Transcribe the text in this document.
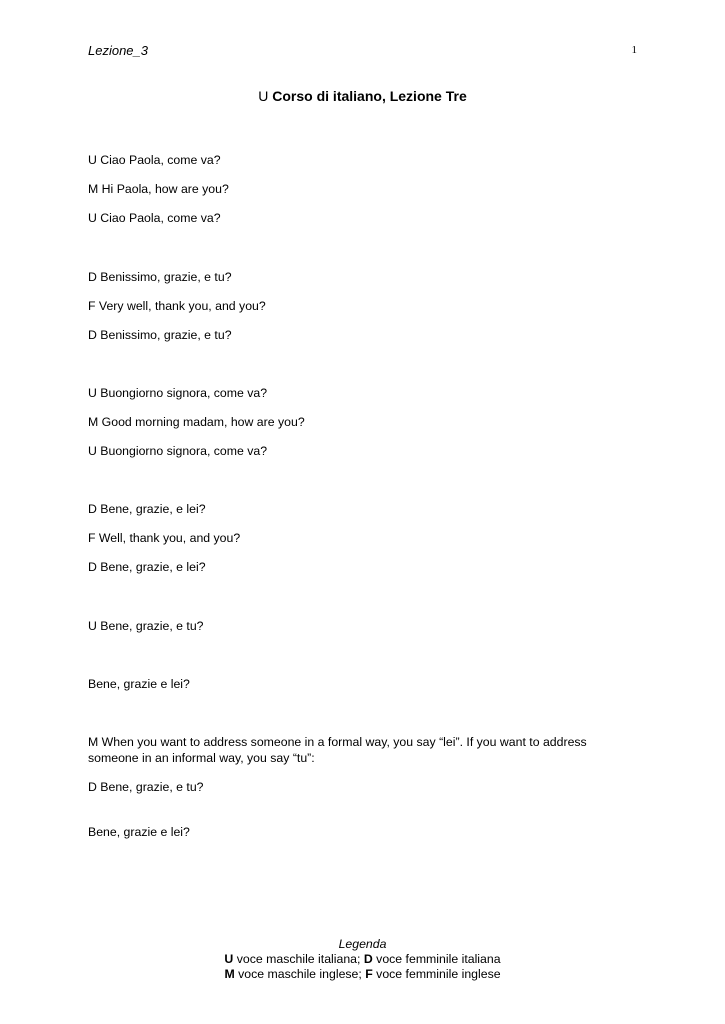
Lezione_3	1
U Corso di italiano, Lezione Tre
U Ciao Paola, come va?
M Hi Paola, how are you?
U Ciao Paola, come va?
D Benissimo, grazie, e tu?
F Very well, thank you, and you?
D Benissimo, grazie, e tu?
U Buongiorno signora, come va?
M Good morning madam, how are you?
U Buongiorno signora, come va?
D Bene, grazie, e lei?
F Well, thank you, and you?
D Bene, grazie, e lei?
U Bene, grazie, e tu?
Bene, grazie e lei?
M When you want to address someone in a formal way, you say “lei”. If you want to address someone in an informal way, you say “tu”:
D Bene, grazie, e tu?
Bene, grazie e lei?
Legenda
U voce maschile italiana; D voce femminile italiana
M voce maschile inglese; F voce femminile inglese
